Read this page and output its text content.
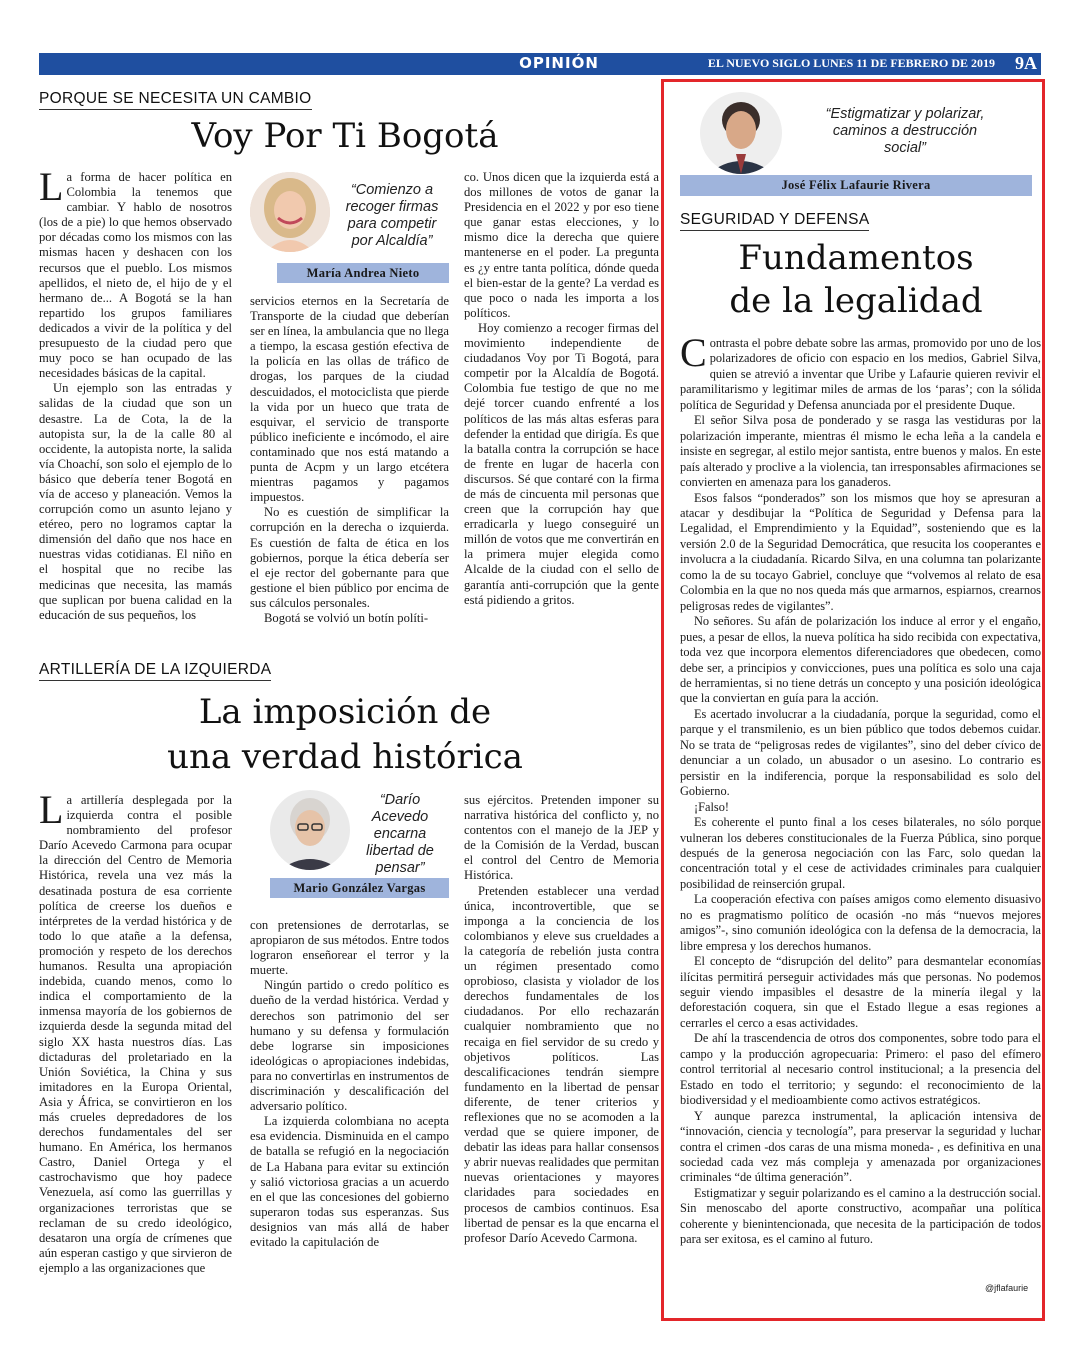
OPINIÓN	EL NUEVO SIGLO LUNES 11 DE FEBRERO DE 2019 9A
PORQUE SE NECESITA UN CAMBIO
Voy Por Ti Bogotá

La forma de hacer política en Colombia la tenemos que cambiar. Y hablo de nosotros (los de a pie) lo que hemos observado por décadas como los mismos con las mismas hacen y deshacen con los recursos que el pueblo. Los mismos apellidos, el nieto de, el hijo de y el hermano de... A Bogotá se la han repartido los grupos familiares dedicados a vivir de la política y del presupuesto de la ciudad pero que muy poco se han ocupado de las necesidades básicas de la capital.

Un ejemplo son las entradas y salidas de la ciudad que son un desastre. La de Cota, la de la autopista sur, la de la calle 80 al occidente, la autopista norte, la salida vía Choachí, son solo el ejemplo de lo básico que debería tener Bogotá en vía de acceso y planeación. Vemos la corrupción como un asunto lejano y etéreo, pero no logramos captar la dimensión del daño que nos hace en nuestras vidas cotidianas. El niño en el hospital que no recibe las medicinas que necesita, las mamás que suplican por buena calidad en la educación de sus pequeños, los

“Comienzo a recoger firmas para competir por Alcaldía”
María Andrea Nieto

servicios eternos en la Secretaría de Transporte de la ciudad que deberían ser en línea, la ambulancia que no llega a tiempo, la escasa gestión efectiva de la policía en las ollas de tráfico de drogas, los parques de la ciudad descuidados, el motociclista que pierde la vida por un hueco que trata de esquivar, el servicio de transporte público ineficiente e incómodo, el aire contaminado que nos está matando a punta de Acpm y un largo etcétera mientras pagamos y pagamos impuestos.

No es cuestión de simplificar la corrupción en la derecha o izquierda. Es cuestión de falta de ética en los gobiernos, porque la ética debería ser el eje rector del gobernante para que gestione el bien público por encima de sus cálculos personales.

Bogotá se volvió un botín políti-

co. Unos dicen que la izquierda está a dos millones de votos de ganar la Presidencia en el 2022 y por eso tiene que ganar estas elecciones, y lo mismo dice la derecha que quiere mantenerse en el poder. La pregunta es ¿y entre tanta política, dónde queda el bien-estar de la gente? La verdad es que poco o nada les importa a los políticos.

Hoy comienzo a recoger firmas del movimiento independiente de ciudadanos Voy por Ti Bogotá, para competir por la Alcaldía de Bogotá. Colombia fue testigo de que no me dejé torcer cuando enfrenté a los políticos de las más altas esferas para defender la entidad que dirigía. Es que la batalla contra la corrupción se hace de frente en lugar de hacerla con discursos. Sé que contaré con la firma de más de cincuenta mil personas que creen que la corrupción hay que erradicarla y luego conseguiré un millón de votos que me convertirán en la primera mujer elegida como Alcalde de la ciudad con el sello de garantía anti-corrupción que la gente está pidiendo a gritos.

ARTILLERÍA DE LA IZQUIERDA
La imposición de
una verdad histórica

La artillería desplegada por la izquierda contra el posible nombramiento del profesor Darío Acevedo Carmona para ocupar la dirección del Centro de Memoria Histórica, revela una vez más la desatinada postura de esa corriente política de creerse los dueños e intérpretes de la verdad histórica y de todo lo que atañe a la defensa, promoción y respeto de los derechos humanos. Resulta una apropiación indebida, cuando menos, como lo indica el comportamiento de la inmensa mayoría de los gobiernos de izquierda desde la segunda mitad del siglo XX hasta nuestros días. Las dictaduras del proletariado en la Unión Soviética, la China y sus imitadores en la Europa Oriental, Asia y África, se convirtieron en los más crueles depredadores de los derechos fundamentales del ser humano. En América, los hermanos Castro, Daniel Ortega y el castrochavismo que hoy padece Venezuela, así como las guerrillas y organizaciones terroristas que se reclaman de su credo ideológico, desataron una orgía de crímenes que aún esperan castigo y que sirvieron de ejemplo a las organizaciones que

“Darío Acevedo encarna libertad de pensar”
Mario González Vargas

con pretensiones de derrotarlas, se apropiaron de sus métodos. Entre todos lograron enseñorear el terror y la muerte.

Ningún partido o credo político es dueño de la verdad histórica. Verdad y derechos son patrimonio del ser humano y su defensa y formulación debe lograrse sin imposiciones ideológicas o apropiaciones indebidas, para no convertirlas en instrumentos de discriminación y descalificación del adversario político.

La izquierda colombiana no acepta esa evidencia. Disminuida en el campo de batalla se refugió en la negociación de La Habana para evitar su extinción y salió victoriosa gracias a un acuerdo en el que las concesiones del gobierno superaron todas sus esperanzas. Sus designios van más allá de haber evitado la capitulación de

sus ejércitos. Pretenden imponer su narrativa histórica del conflicto y, no contentos con el manejo de la JEP y de la Comisión de la Verdad, buscan el control del Centro de Memoria Histórica.

Pretenden establecer una verdad única, incontrovertible, que se imponga a la conciencia de los colombianos y eleve sus crueldades a la categoría de rebelión justa contra un régimen presentado como oprobioso, clasista y violador de los derechos fundamentales de los ciudadanos. Por ello rechazarán cualquier nombramiento que no recaiga en fiel servidor de su credo y objetivos políticos. Las descalificaciones tendrán siempre fundamento en la libertad de pensar diferente, de tener criterios y reflexiones que no se acomoden a la verdad que se quiere imponer, de debatir las ideas para hallar consensos y abrir nuevas realidades que permitan nuevas orientaciones y mayores claridades para sociedades en procesos de cambios continuos. Esa libertad de pensar es la que encarna el profesor Darío Acevedo Carmona.

“Estigmatizar y polarizar, caminos a destrucción social”
José Félix Lafaurie Rivera
SEGURIDAD Y DEFENSA
Fundamentos
de la legalidad

Contrasta el pobre debate sobre las armas, promovido por uno de los polarizadores de oficio con espacio en los medios, Gabriel Silva, quien se atrevió a inventar que Uribe y Lafaurie quieren revivir el paramilitarismo y legitimar miles de armas de los ‘paras’; con la sólida política de Seguridad y Defensa anunciada por el presidente Duque.

El señor Silva posa de ponderado y se rasga las vestiduras por la polarización imperante, mientras él mismo le echa leña a la candela e insiste en segregar, al estilo mejor santista, entre buenos y malos. En este país alterado y proclive a la violencia, tan irresponsables afirmaciones se convierten en amenaza para los ganaderos.

Esos falsos “ponderados” son los mismos que hoy se apresuran a atacar y desdibujar la “Política de Seguridad y Defensa para la Legalidad, el Emprendimiento y la Equidad”, sosteniendo que es la versión 2.0 de la Seguridad Democrática, que resucita los cooperantes e involucra a la ciudadanía. Ricardo Silva, en una columna tan polarizante como la de su tocayo Gabriel, concluye que “volvemos al relato de esa Colombia en la que no nos queda más que armarnos, espiarnos, crearnos peligrosas redes de vigilantes”.

No señores. Su afán de polarización los induce al error y el engaño, pues, a pesar de ellos, la nueva política ha sido recibida con expectativa, toda vez que incorpora elementos diferenciadores que obedecen, como debe ser, a principios y convicciones, pues una política es solo una caja de herramientas, si no tiene detrás un concepto y una posición ideológica que la conviertan en guía para la acción.

Es acertado involucrar a la ciudadanía, porque la seguridad, como el parque y el transmilenio, es un bien público que todos debemos cuidar. No se trata de “peligrosas redes de vigilantes”, sino del deber cívico de denunciar a un colado, un abusador o un asesino. Lo contrario es persistir en la indiferencia, porque la responsabilidad es solo del Gobierno.

¡Falso!

Es coherente el punto final a los ceses bilaterales, no sólo porque vulneran los deberes constitucionales de la Fuerza Pública, sino porque después de la generosa negociación con las Farc, solo quedan la concentración total y el cese de actividades criminales para cualquier posibilidad de reinserción grupal.

La cooperación efectiva con países amigos como elemento disuasivo no es pragmatismo político de ocasión -no más “nuevos mejores amigos”-, sino comunión ideológica con la defensa de la democracia, la libre empresa y los derechos humanos.

El concepto de “disrupción del delito” para desmantelar economías ilícitas permitirá perseguir actividades más que personas. No podemos seguir viendo impasibles el desastre de la minería ilegal y la deforestación coquera, sin que el Estado llegue a esas regiones a cerrarles el cerco a esas actividades.

De ahí la trascendencia de otros dos componentes, sobre todo para el campo y la producción agropecuaria: Primero: el paso del efímero control territorial al necesario control institucional; a la presencia del Estado en todo el territorio; y segundo: el reconocimiento de la biodiversidad y el medioambiente como activos estratégicos.

Y aunque parezca instrumental, la aplicación intensiva de “innovación, ciencia y tecnología”, para preservar la seguridad y luchar contra el crimen -dos caras de una misma moneda- , es definitiva en una sociedad cada vez más compleja y amenazada por organizaciones criminales “de última generación”.

Estigmatizar y seguir polarizando es el camino a la destrucción social. Sin menoscabo del aporte constructivo, acompañar una política coherente y bienintencionada, que necesita de la participación de todos para ser exitosa, es el camino al futuro.

@jflafaurie
